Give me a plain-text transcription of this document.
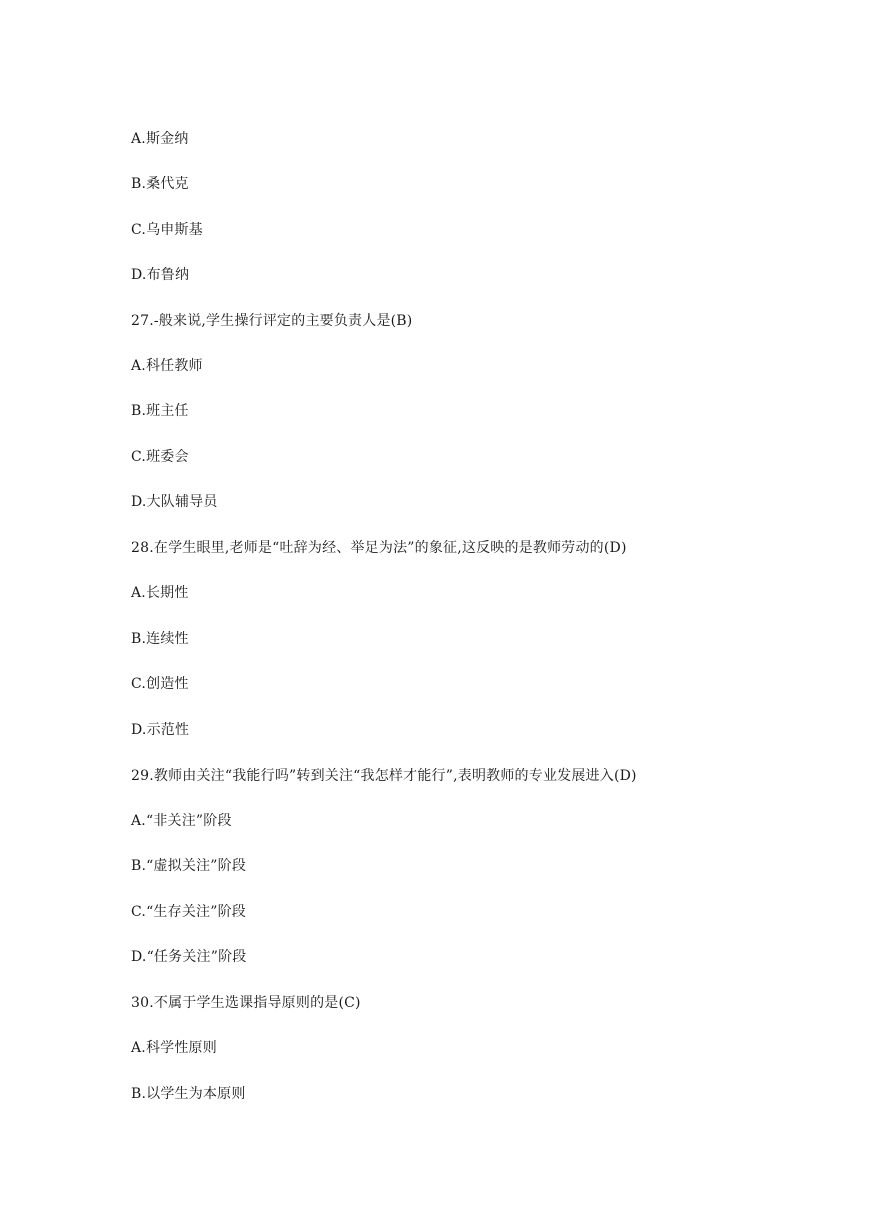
A.斯金纳
B.桑代克
C.乌申斯基
D.布鲁纳
27.-般来说,学生操行评定的主要负责人是(B)
A.科任教师
B.班主任
C.班委会
D.大队辅导员
28.在学生眼里,老师是“吐辞为经、举足为法”的象征,这反映的是教师劳动的(D)
A.长期性
B.连续性
C.创造性
D.示范性
29.教师由关注“我能行吗”转到关注“我怎样才能行”,表明教师的专业发展进入(D)
A.“非关注”阶段
B.“虚拟关注”阶段
C.“生存关注”阶段
D.“任务关注”阶段
30.不属于学生选课指导原则的是(C)
A.科学性原则
B.以学生为本原则
